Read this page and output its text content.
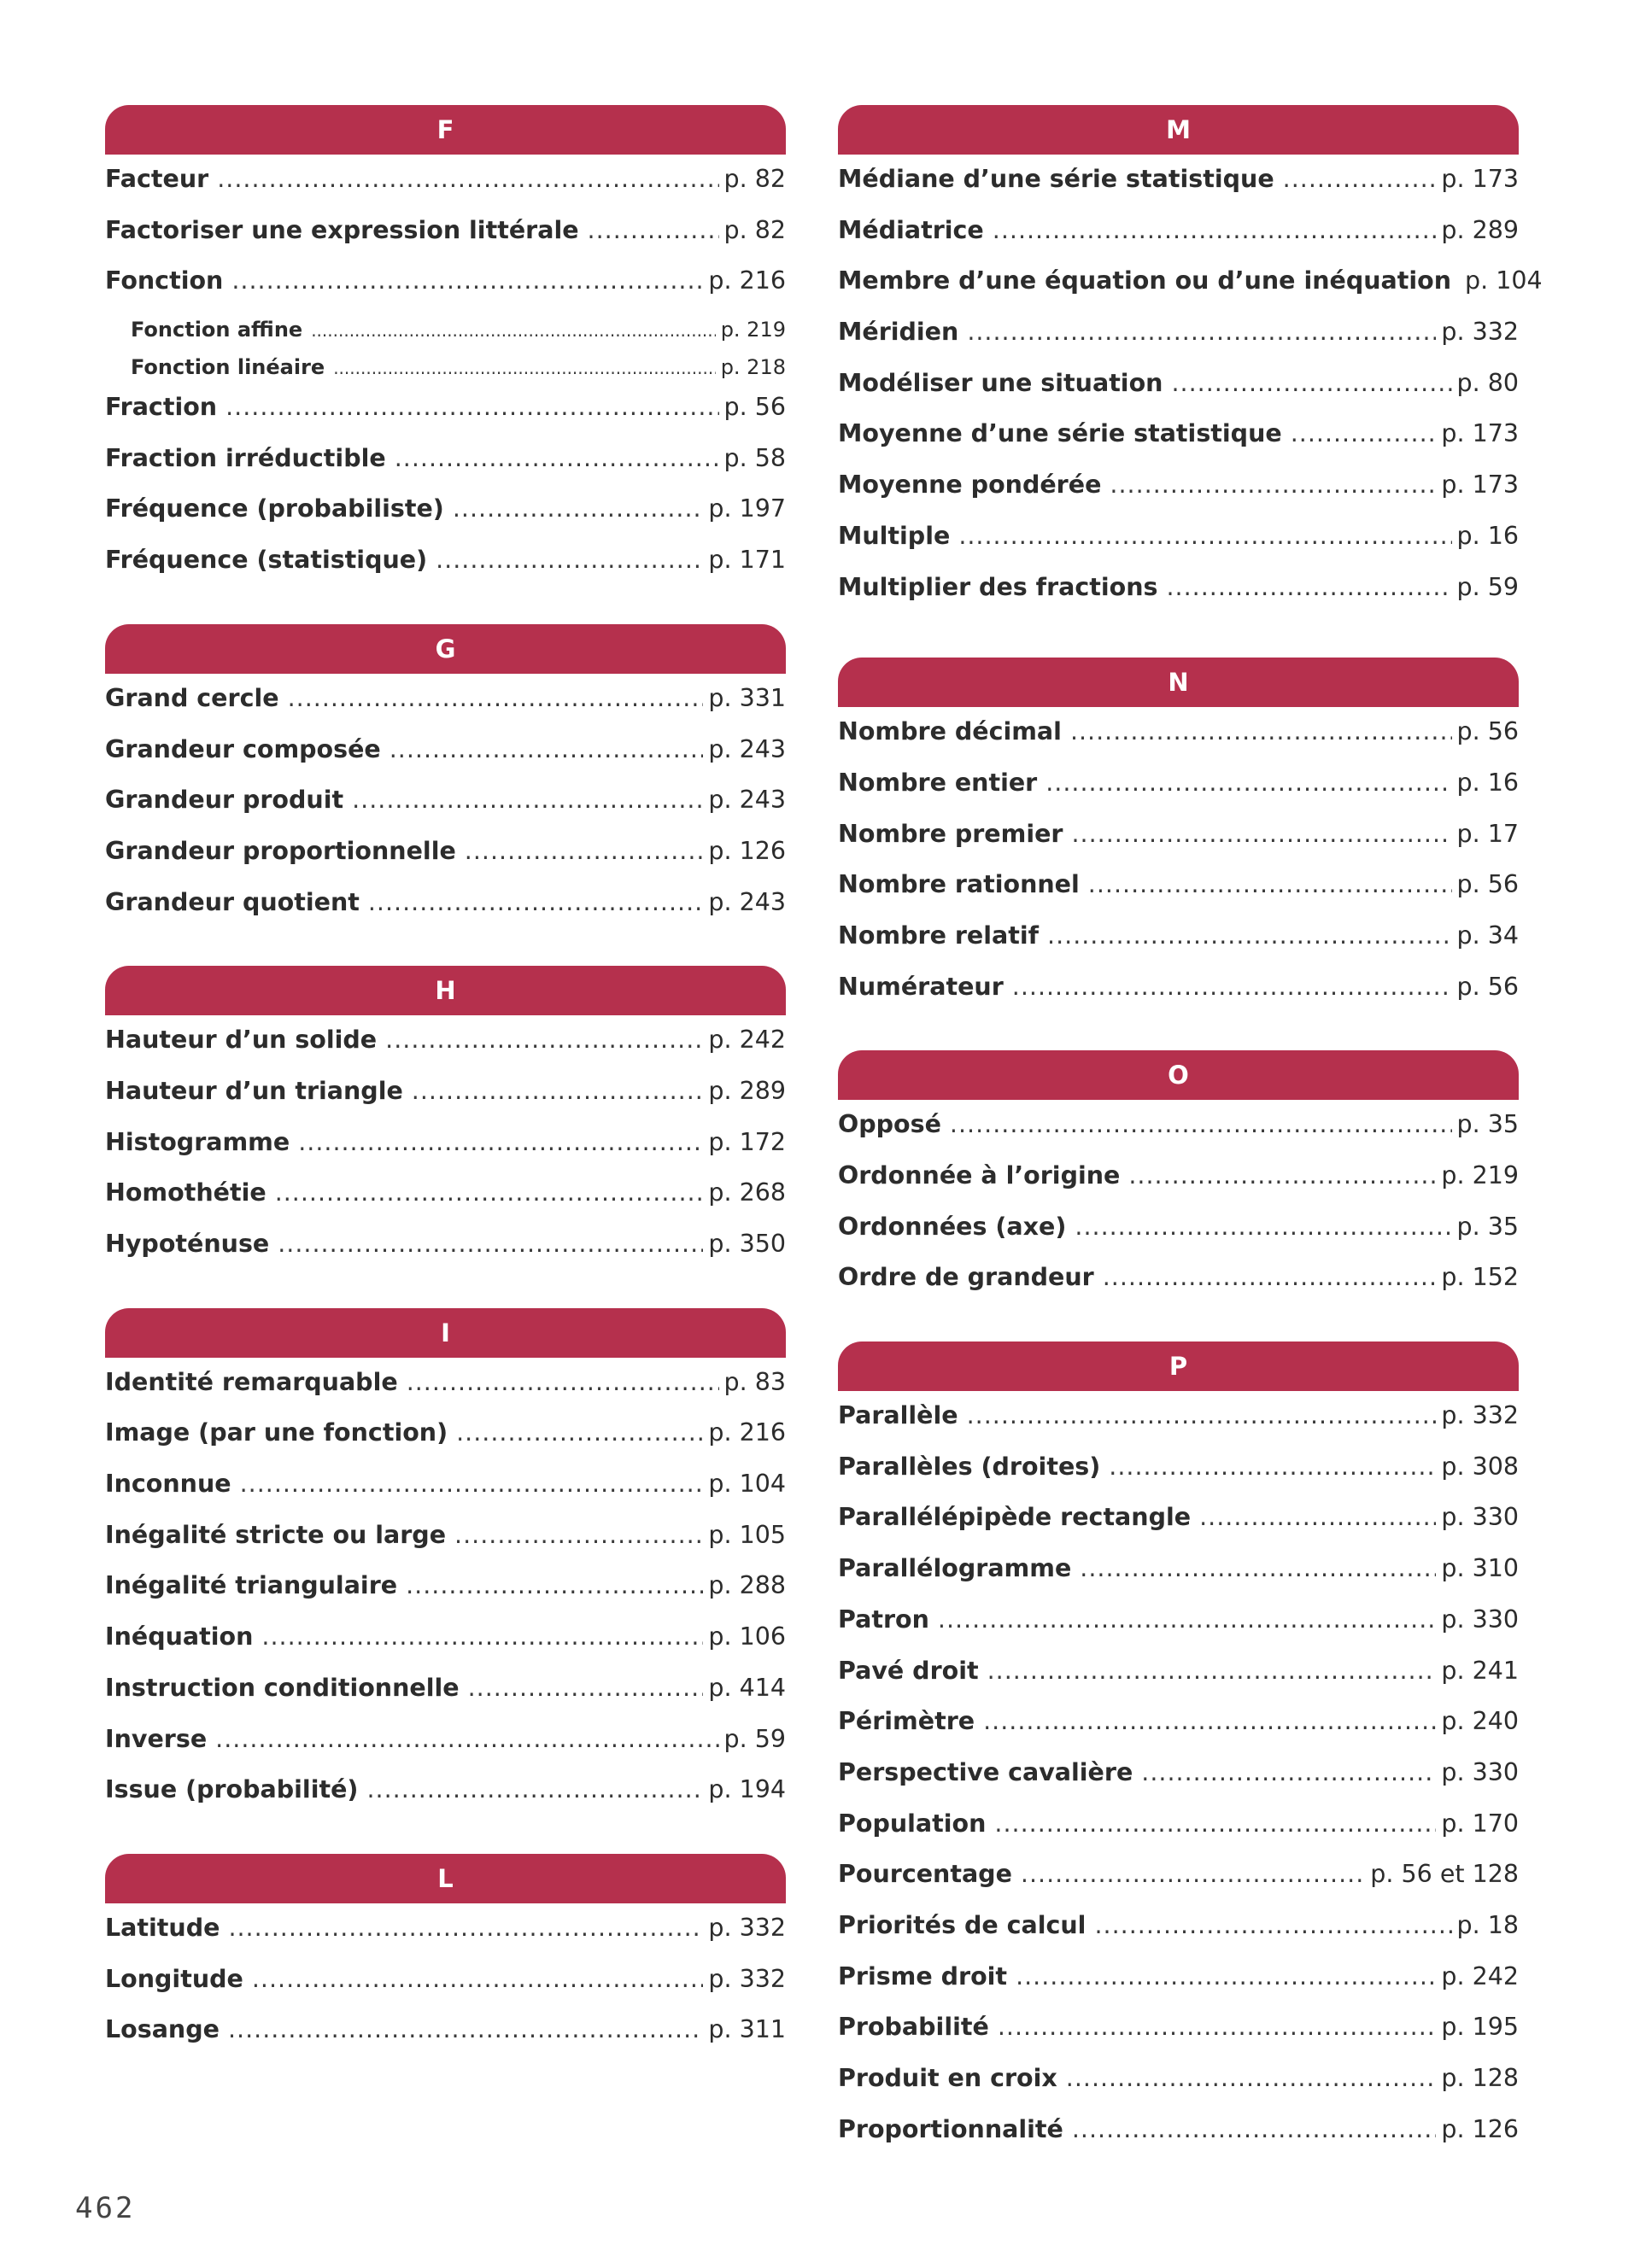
F
Facteur .....	p. 82
Factoriser une expression littérale .....	p. 82
Fonction .....	p. 216
Fonction affine .....	p. 219
Fonction linéaire .....	p. 218
Fraction .....	p. 56
Fraction irréductible .....	p. 58
Fréquence (probabiliste) .....	p. 197
Fréquence (statistique) .....	p. 171
G
Grand cercle .....	p. 331
Grandeur composée .....	p. 243
Grandeur produit .....	p. 243
Grandeur proportionnelle .....	p. 126
Grandeur quotient .....	p. 243
H
Hauteur d’un solide .....	p. 242
Hauteur d’un triangle .....	p. 289
Histogramme .....	p. 172
Homothétie .....	p. 268
Hypoténuse .....	p. 350
I
Identité remarquable .....	p. 83
Image (par une fonction) .....	p. 216
Inconnue .....	p. 104
Inégalité stricte ou large .....	p. 105
Inégalité triangulaire .....	p. 288
Inéquation .....	p. 106
Instruction conditionnelle .....	p. 414
Inverse .....	p. 59
Issue (probabilité) .....	p. 194
L
Latitude .....	p. 332
Longitude .....	p. 332
Losange .....	p. 311
M
Médiane d’une série statistique .....	p. 173
Médiatrice .....	p. 289
Membre d’une équation ou d’une inéquation p. 104
Méridien .....	p. 332
Modéliser une situation .....	p. 80
Moyenne d’une série statistique .....	p. 173
Moyenne pondérée .....	p. 173
Multiple .....	p. 16
Multiplier des fractions .....	p. 59
N
Nombre décimal .....	p. 56
Nombre entier .....	p. 16
Nombre premier .....	p. 17
Nombre rationnel .....	p. 56
Nombre relatif .....	p. 34
Numérateur .....	p. 56
O
Opposé .....	p. 35
Ordonnée à l’origine .....	p. 219
Ordonnées (axe) .....	p. 35
Ordre de grandeur .....	p. 152
P
Parallèle .....	p. 332
Parallèles (droites) .....	p. 308
Parallélépipède rectangle .....	p. 330
Parallélogramme .....	p. 310
Patron .....	p. 330
Pavé droit .....	p. 241
Périmètre .....	p. 240
Perspective cavalière .....	p. 330
Population .....	p. 170
Pourcentage .....	p. 56 et 128
Priorités de calcul .....	p. 18
Prisme droit .....	p. 242
Probabilité .....	p. 195
Produit en croix .....	p. 128
Proportionnalité .....	p. 126
462
